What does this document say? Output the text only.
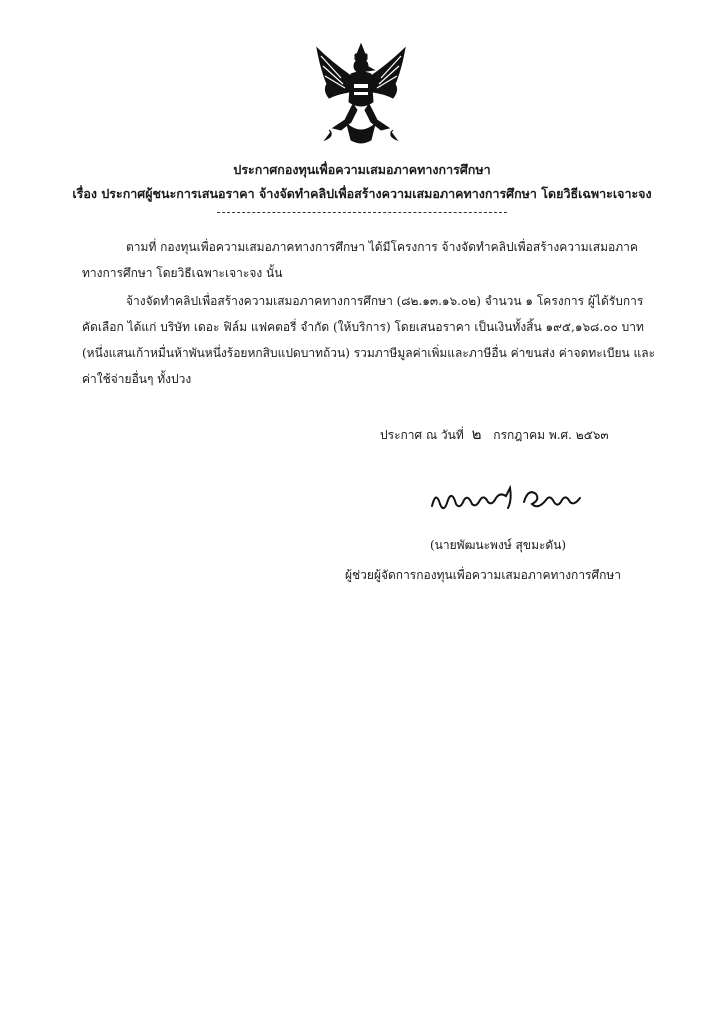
ประกาศกองทุนเพื่อความเสมอภาคทางการศึกษา
เรื่อง ประกาศผู้ชนะการเสนอราคา จ้างจัดทำคลิปเพื่อสร้างความเสมอภาคทางการศึกษา โดยวิธีเฉพาะเจาะจง
ตามที่ กองทุนเพื่อความเสมอภาคทางการศึกษา ได้มีโครงการ จ้างจัดทำคลิปเพื่อสร้างความเสมอภาค
ทางการศึกษา โดยวิธีเฉพาะเจาะจง นั้น
จ้างจัดทำคลิปเพื่อสร้างความเสมอภาคทางการศึกษา (๘๒.๑๓.๑๖.๐๒) จำนวน ๑ โครงการ ผู้ได้รับการ
คัดเลือก ได้แก่ บริษัท เดอะ ฟิล์ม แฟคตอรี่ จำกัด (ให้บริการ) โดยเสนอราคา เป็นเงินทั้งสิ้น ๑๙๕,๑๖๘.๐๐ บาท
(หนึ่งแสนเก้าหมื่นห้าพันหนึ่งร้อยหกสิบแปดบาทถ้วน) รวมภาษีมูลค่าเพิ่มและภาษีอื่น ค่าขนส่ง ค่าจดทะเบียน และ
ค่าใช้จ่ายอื่นๆ ทั้งปวง
ประกาศ ณ วันที่ ๒ กรกฎาคม พ.ศ. ๒๕๖๓
(นายพัฒนะพงษ์ สุขมะดัน)
ผู้ช่วยผู้จัดการกองทุนเพื่อความเสมอภาคทางการศึกษา
